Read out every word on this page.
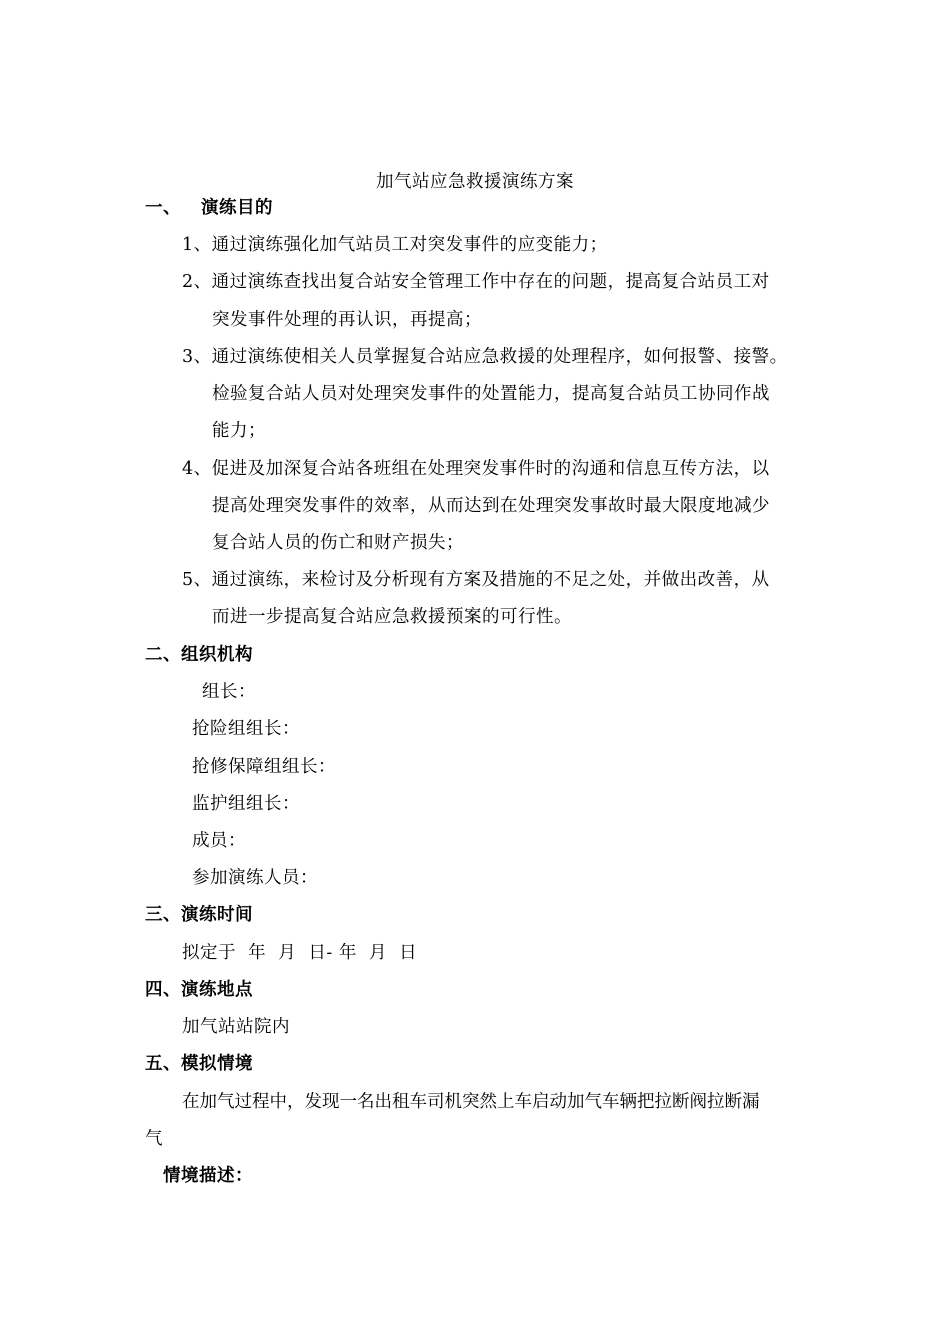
加气站应急救援演练方案
一、 演练目的
1、通过演练强化加气站员工对突发事件的应变能力；
2、通过演练查找出复合站安全管理工作中存在的问题，提高复合站员工对
突发事件处理的再认识，再提高；
3、通过演练使相关人员掌握复合站应急救援的处理程序，如何报警、接警。
检验复合站人员对处理突发事件的处置能力，提高复合站员工协同作战
能力；
4、促进及加深复合站各班组在处理突发事件时的沟通和信息互传方法，以
提高处理突发事件的效率，从而达到在处理突发事故时最大限度地减少
复合站人员的伤亡和财产损失；
5、通过演练，来检讨及分析现有方案及措施的不足之处，并做出改善，从
而进一步提高复合站应急救援预案的可行性。
二、组织机构
组长：
抢险组组长：
抢修保障组组长：
监护组组长：
成员：
参加演练人员：
三、演练时间
拟定于  年  月  日- 年  月  日
四、演练地点
加气站站院内
五、模拟情境
在加气过程中，发现一名出租车司机突然上车启动加气车辆把拉断阀拉断漏
气
情境描述：
